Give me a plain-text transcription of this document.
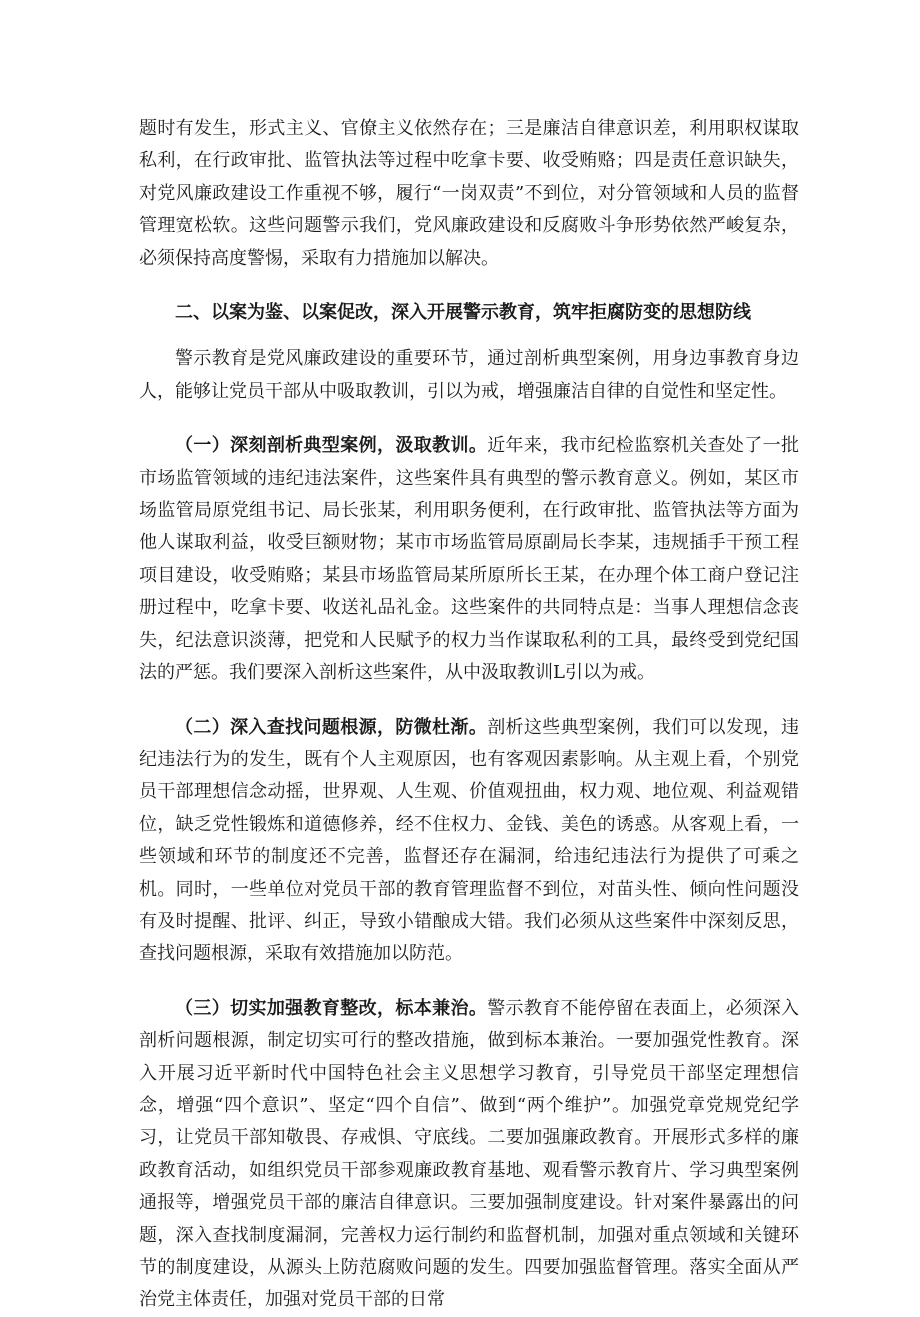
题时有发生，形式主义、官僚主义依然存在；三是廉洁自律意识差，利用职权谋取私利，在行政审批、监管执法等过程中吃拿卡要、收受贿赂；四是责任意识缺失，对党风廉政建设工作重视不够，履行“一岗双责”不到位，对分管领域和人员的监督管理宽松软。这些问题警示我们，党风廉政建设和反腐败斗争形势依然严峻复杂，必须保持高度警惕，采取有力措施加以解决。

二、以案为鉴、以案促改，深入开展警示教育，筑牢拒腐防变的思想防线

警示教育是党风廉政建设的重要环节，通过剖析典型案例，用身边事教育身边人，能够让党员干部从中吸取教训，引以为戒，增强廉洁自律的自觉性和坚定性。

（一）深刻剖析典型案例，汲取教训。近年来，我市纪检监察机关查处了一批市场监管领域的违纪违法案件，这些案件具有典型的警示教育意义。例如，某区市场监管局原党组书记、局长张某，利用职务便利，在行政审批、监管执法等方面为他人谋取利益，收受巨额财物；某市市场监管局原副局长李某，违规插手干预工程项目建设，收受贿赂；某县市场监管局某所原所长王某，在办理个体工商户登记注册过程中，吃拿卡要、收送礼品礼金。这些案件的共同特点是：当事人理想信念丧失，纪法意识淡薄，把党和人民赋予的权力当作谋取私利的工具，最终受到党纪国法的严惩。我们要深入剖析这些案件，从中汲取教训L引以为戒。

（二）深入查找问题根源，防微杜渐。剖析这些典型案例，我们可以发现，违纪违法行为的发生，既有个人主观原因，也有客观因素影响。从主观上看，个别党员干部理想信念动摇，世界观、人生观、价值观扭曲，权力观、地位观、利益观错位，缺乏党性锻炼和道德修养，经不住权力、金钱、美色的诱惑。从客观上看，一些领域和环节的制度还不完善，监督还存在漏洞，给违纪违法行为提供了可乘之机。同时，一些单位对党员干部的教育管理监督不到位，对苗头性、倾向性问题没有及时提醒、批评、纠正，导致小错酿成大错。我们必须从这些案件中深刻反思，查找问题根源，采取有效措施加以防范。

（三）切实加强教育整改，标本兼治。警示教育不能停留在表面上，必须深入剖析问题根源，制定切实可行的整改措施，做到标本兼治。一要加强党性教育。深入开展习近平新时代中国特色社会主义思想学习教育，引导党员干部坚定理想信念，增强“四个意识”、坚定“四个自信”、做到“两个维护”。加强党章党规党纪学习，让党员干部知敬畏、存戒惧、守底线。二要加强廉政教育。开展形式多样的廉政教育活动，如组织党员干部参观廉政教育基地、观看警示教育片、学习典型案例通报等，增强党员干部的廉洁自律意识。三要加强制度建设。针对案件暴露出的问题，深入查找制度漏洞，完善权力运行制约和监督机制，加强对重点领域和关键环节的制度建设，从源头上防范腐败问题的发生。四要加强监督管理。落实全面从严治党主体责任，加强对党员干部的日常
